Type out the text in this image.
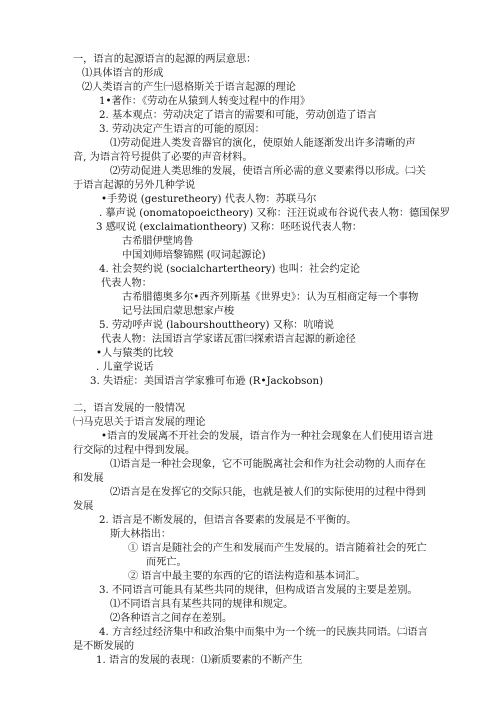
一，语言的起源语言的起源的两层意思：
⑴具体语言的形成
⑵人类语言的产生㈠恩格斯关于语言起源的理论
1•著作：《劳动在从猿到人转变过程中的作用》
2. 基本观点：劳动决定了语言的需要和可能，劳动创造了语言
3. 劳动决定产生语言的可能的原因：
⑴劳动促进人类发音器官的演化，使原始人能逐渐发出许多清晰的声
音, 为语言符号提供了必要的声音材料。
⑵劳动促进人类思维的发展，使语言所必需的意义要素得以形成。㈡关
于语言起源的另外几种学说
•手势说 (gesturetheory) 代表人物：苏联马尔
. 摹声说 (onomatopoeictheory) 又称：汪汪说或布谷说代表人物：德国保罗
3 感叹说 (exclaimationtheory) 又称：呸呸说代表人物：
古希腊伊壁鸠鲁
中国刘师培黎锦熙 (叹词起源论)
4. 社会契约说 (socialchartertheory) 也叫：社会约定论
代表人物：
古希腊德奥多尔•西齐列斯基《世界史》：认为互相商定每一个事物
记号法国启蒙思想家卢梭
5. 劳动呼声说 (labourshouttheory) 又称：吭唷说
代表人物：法国语言学家诺瓦雷㈢探索语言起源的新途径
•人与猿类的比较
. 儿童学说话
3. 失语症：美国语言学家雅可布逊 (R•Jackobson)
二，语言发展的一般情况
㈠马克思关于语言发展的理论
•语言的发展离不开社会的发展，语言作为一种社会现象在人们使用语言进
行交际的过程中得到发展。
⑴语言是一种社会现象，它不可能脱离社会和作为社会动物的人而存在
和发展
⑵语言是在发挥它的交际只能，也就是被人们的实际使用的过程中得到
发展
2. 语言是不断发展的，但语言各要素的发展是不平衡的。
斯大林指出：
① 语言是随社会的产生和发展而产生发展的。语言随着社会的死亡
而死亡。
② 语言中最主要的东西的它的语法构造和基本词汇。
3. 不同语言可能具有某些共同的规律，但构成语言发展的主要是差别。
⑴不同语言具有某些共同的规律和规定。
⑵各种语言之间存在差别。
4. 方言经过经济集中和政治集中而集中为一个统一的民族共同语。㈡语言
是不断发展的
1. 语言的发展的表现：⑴新质要素的不断产生
